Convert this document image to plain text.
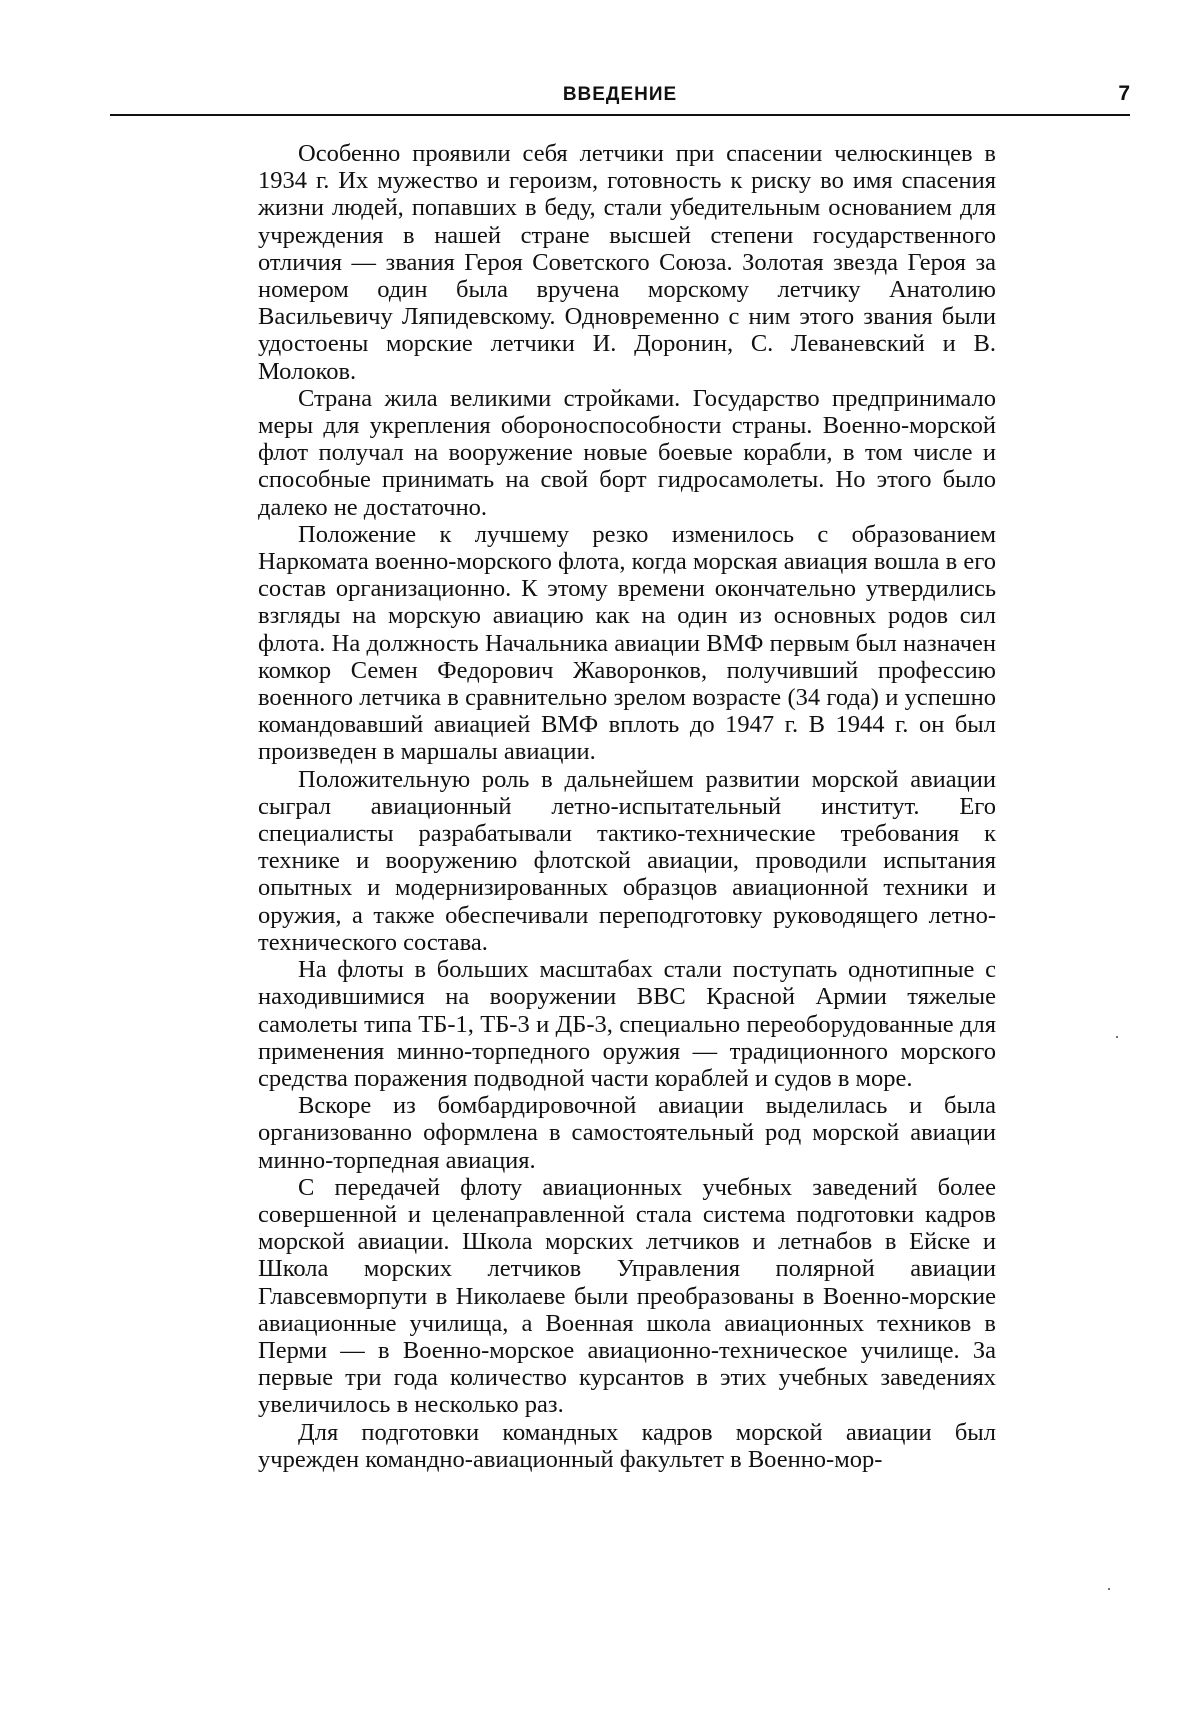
ВВЕДЕНИЕ	7

Особенно проявили себя летчики при спасении челюскинцев в 1934 г. Их мужество и героизм, готовность к риску во имя спасения жизни людей, попавших в беду, стали убедительным основанием для учреждения в нашей стране высшей степени государственного отличия — звания Героя Советского Союза. Золотая звезда Героя за номером один была вручена морскому летчику Анатолию Васильевичу Ляпидевскому. Одновременно с ним этого звания были удостоены морские летчики И. Доронин, С. Леваневский и В. Молоков.

Страна жила великими стройками. Государство предпринимало меры для укрепления обороноспособности страны. Военно-морской флот получал на вооружение новые боевые корабли, в том числе и способные принимать на свой борт гидросамолеты. Но этого было далеко не достаточно.

Положение к лучшему резко изменилось с образованием Наркомата военно-морского флота, когда морская авиация вошла в его состав организационно. К этому времени окончательно утвердились взгляды на морскую авиацию как на один из основных родов сил флота. На должность Начальника авиации ВМФ первым был назначен комкор Семен Федорович Жаворонков, получивший профессию военного летчика в сравнительно зрелом возрасте (34 года) и успешно командовавший авиацией ВМФ вплоть до 1947 г. В 1944 г. он был произведен в маршалы авиации.

Положительную роль в дальнейшем развитии морской авиации сыграл авиационный летно-испытательный институт. Его специалисты разрабатывали тактико-технические требования к технике и вооружению флотской авиации, проводили испытания опытных и модернизированных образцов авиационной техники и оружия, а также обеспечивали переподготовку руководящего летно-технического состава.

На флоты в больших масштабах стали поступать однотипные с находившимися на вооружении ВВС Красной Армии тяжелые самолеты типа ТБ-1, ТБ-3 и ДБ-3, специально переоборудованные для применения минно-торпедного оружия — традиционного морского средства поражения подводной части кораблей и судов в море.

Вскоре из бомбардировочной авиации выделилась и была организованно оформлена в самостоятельный род морской авиации минно-торпедная авиация.

С передачей флоту авиационных учебных заведений более совершенной и целенаправленной стала система подготовки кадров морской авиации. Школа морских летчиков и летнабов в Ейске и Школа морских летчиков Управления полярной авиации Главсевморпути в Николаеве были преобразованы в Военно-морские авиационные училища, а Военная школа авиационных техников в Перми — в Военно-морское авиационно-техническое училище. За первые три года количество курсантов в этих учебных заведениях увеличилось в несколько раз.

Для подготовки командных кадров морской авиации был учрежден командно-авиационный факультет в Военно-мор-
